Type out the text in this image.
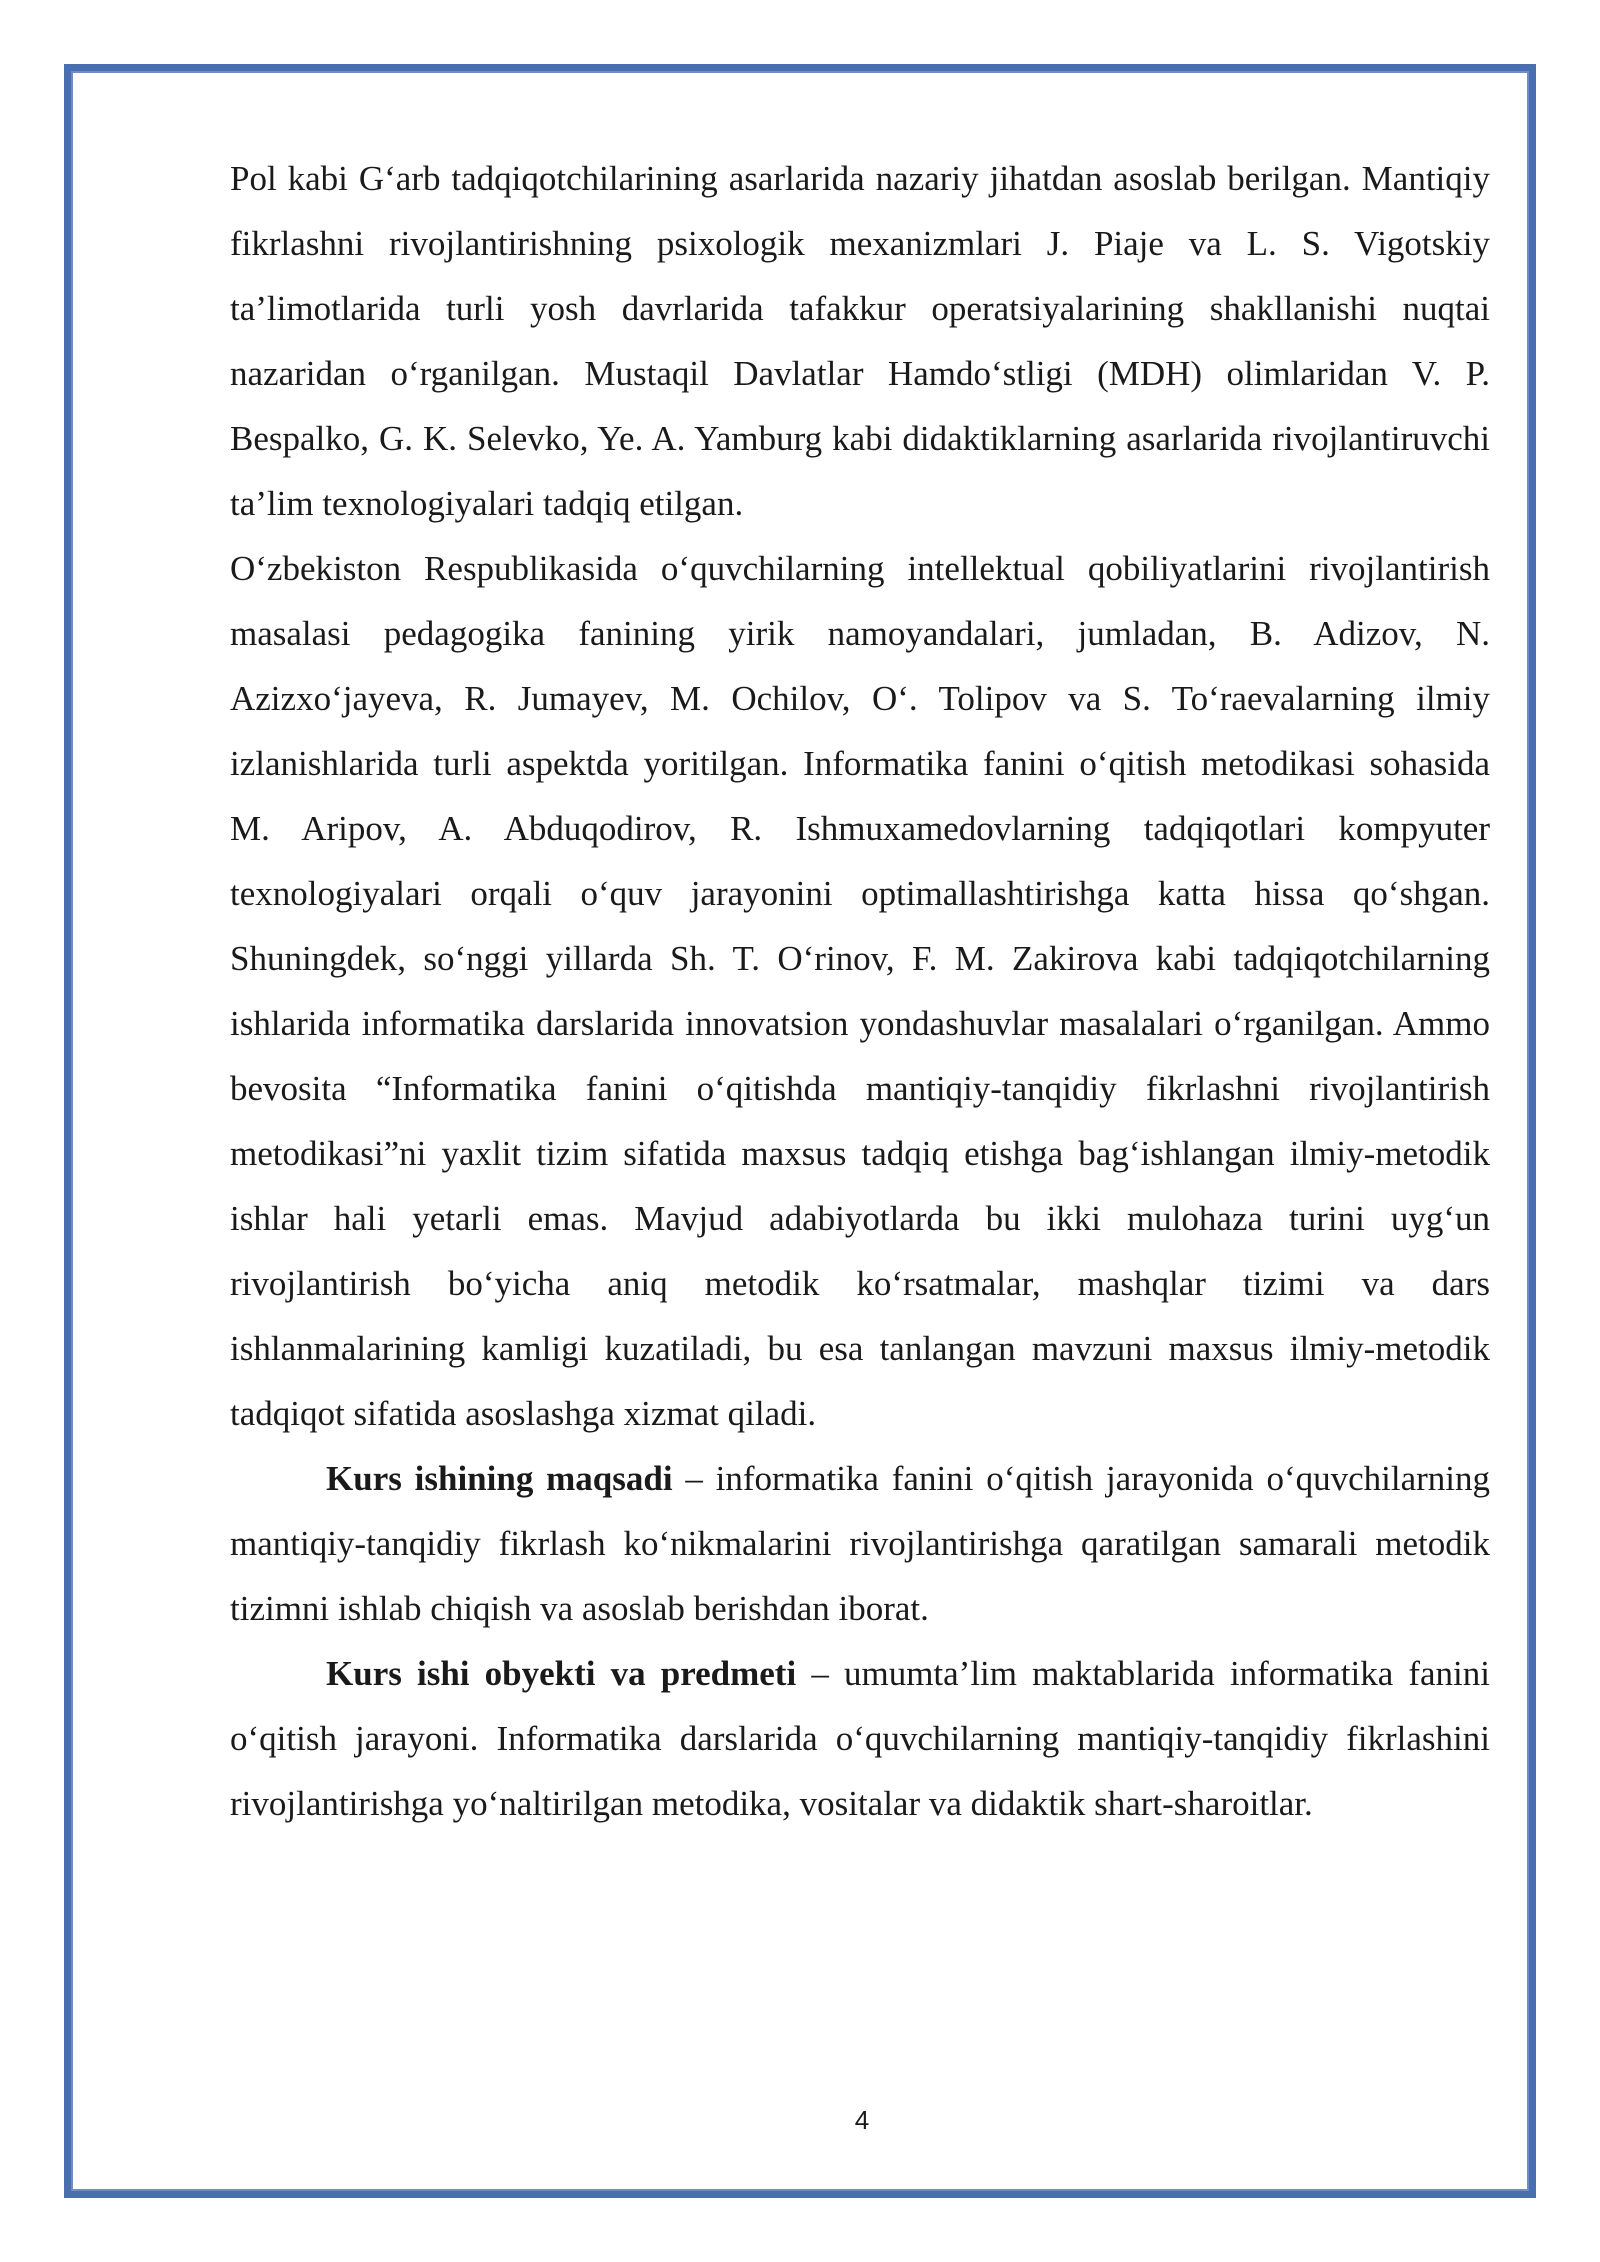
Pol kabi G‘arb tadqiqotchilarining asarlarida nazariy jihatdan asoslab berilgan. Mantiqiy fikrlashni rivojlantirishning psixologik mexanizmlari J. Piaje va L. S. Vigotskiy ta’limotlarida turli yosh davrlarida tafakkur operatsiyalarining shakllanishi nuqtai nazaridan o‘rganilgan. Mustaqil Davlatlar Hamdo‘stligi (MDH) olimlaridan V. P. Bespalko, G. K. Selevko, Ye. A. Yamburg kabi didaktiklarning asarlarida rivojlantiruvchi ta’lim texnologiyalari tadqiq etilgan.

O‘zbekiston Respublikasida o‘quvchilarning intellektual qobiliyatlarini rivojlantirish masalasi pedagogika fanining yirik namoyandalari, jumladan, B. Adizov, N. Azizxo‘jayeva, R. Jumayev, M. Ochilov, O‘. Tolipov va S. To‘raevalarning ilmiy izlanishlarida turli aspektda yoritilgan. Informatika fanini o‘qitish metodikasi sohasida M. Aripov, A. Abduqodirov, R. Ishmuxamedovlarning tadqiqotlari kompyuter texnologiyalari orqali o‘quv jarayonini optimallashtirishga katta hissa qo‘shgan. Shuningdek, so‘nggi yillarda Sh. T. O‘rinov, F. M. Zakirova kabi tadqiqotchilarning ishlarida informatika darslarida innovatsion yondashuvlar masalalari o‘rganilgan. Ammo bevosita “Informatika fanini o‘qitishda mantiqiy-tanqidiy fikrlashni rivojlantirish metodikasi”ni yaxlit tizim sifatida maxsus tadqiq etishga bag‘ishlangan ilmiy-metodik ishlar hali yetarli emas. Mavjud adabiyotlarda bu ikki mulohaza turini uyg‘un rivojlantirish bo‘yicha aniq metodik ko‘rsatmalar, mashqlar tizimi va dars ishlanmalarining kamligi kuzatiladi, bu esa tanlangan mavzuni maxsus ilmiy-metodik tadqiqot sifatida asoslashga xizmat qiladi.

Kurs ishining maqsadi – informatika fanini o‘qitish jarayonida o‘quvchilarning mantiqiy-tanqidiy fikrlash ko‘nikmalarini rivojlantirishga qaratilgan samarali metodik tizimni ishlab chiqish va asoslab berishdan iborat.

Kurs ishi obyekti va predmeti – umumta’lim maktablarida informatika fanini o‘qitish jarayoni. Informatika darslarida o‘quvchilarning mantiqiy-tanqidiy fikrlashini rivojlantirishga yo‘naltirilgan metodika, vositalar va didaktik shart-sharoitlar.

4
